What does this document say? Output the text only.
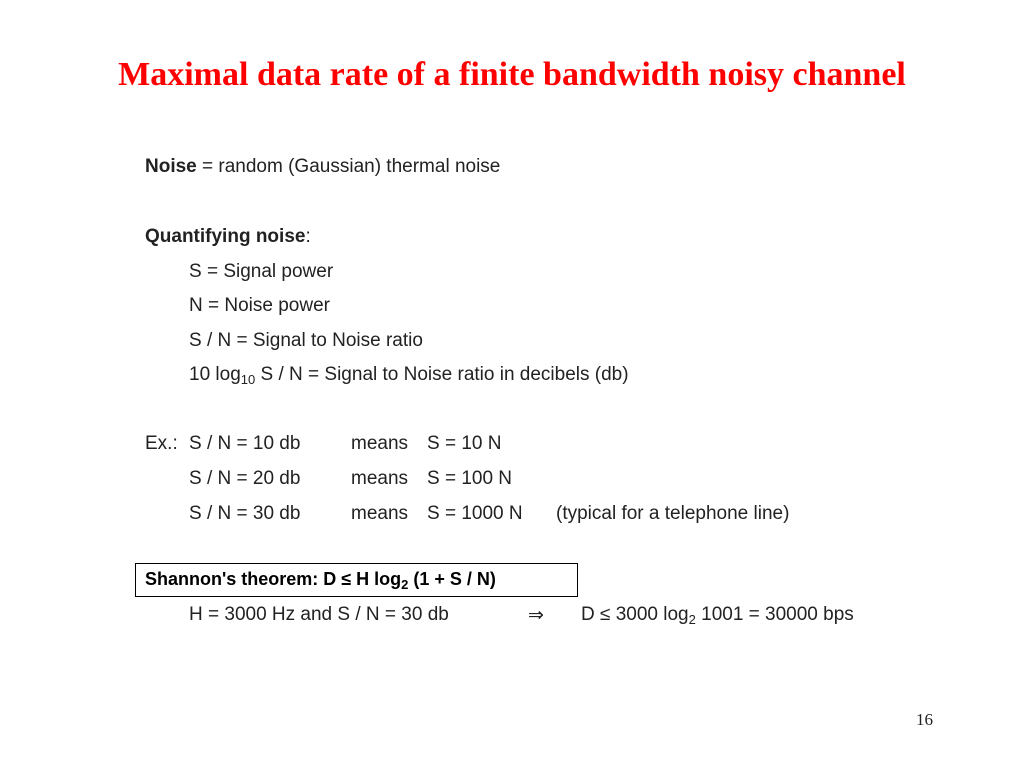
Maximal data rate of a finite bandwidth noisy channel
Noise = random (Gaussian) thermal noise
Quantifying noise:
S = Signal power
N = Noise power
S / N = Signal to Noise ratio
10 $\log_{10} S$ / N = Signal to Noise ratio in decibels (db)
Ex.: S / N = 10 db	means S = 10 N
S / N = 20 db	means S = 100 N
S / N = 30 db	means S = 1000 N (typical for a telephone line)
Shannon's theorem: D ≤ H $\log_2 (1 + S / N)$
H = 3000 Hz and S / N = 30 db	⇒ D ≤ 3000 $\log_2 1001 = 30000$ bps
16
